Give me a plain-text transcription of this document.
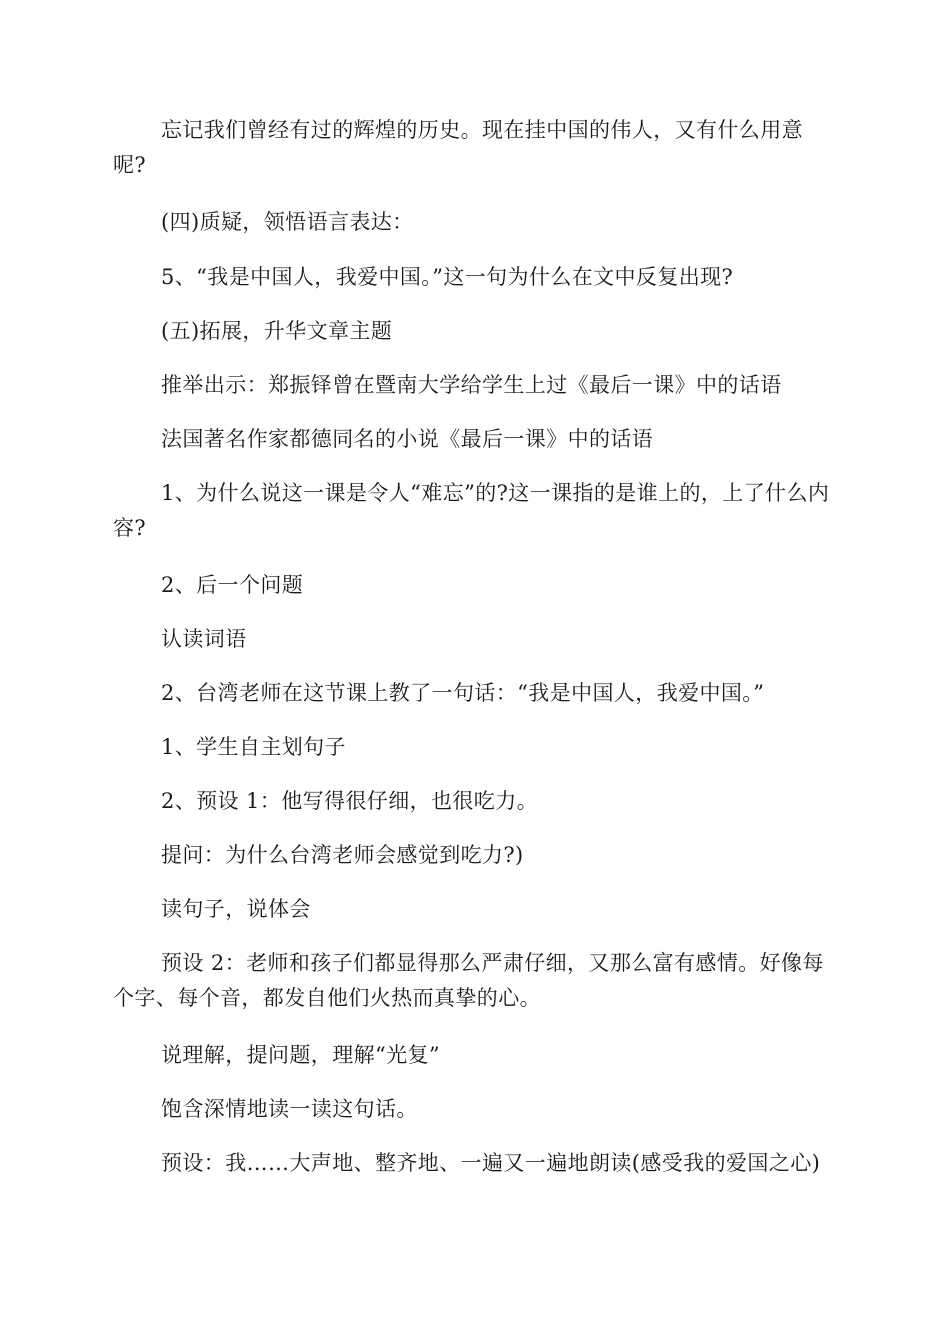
忘记我们曾经有过的辉煌的历史。现在挂中国的伟人，又有什么用意呢?

(四)质疑，领悟语言表达：

5、“我是中国人，我爱中国。”这一句为什么在文中反复出现?

(五)拓展，升华文章主题

推举出示：郑振铎曾在暨南大学给学生上过《最后一课》中的话语

法国著名作家都德同名的小说《最后一课》中的话语

1、为什么说这一课是令人“难忘”的?这一课指的是谁上的，上了什么内容?

2、后一个问题

认读词语

2、台湾老师在这节课上教了一句话：“我是中国人，我爱中国。”

1、学生自主划句子

2、预设 1：他写得很仔细，也很吃力。

提问：为什么台湾老师会感觉到吃力?)

读句子，说体会

预设 2：老师和孩子们都显得那么严肃仔细，又那么富有感情。好像每个字、每个音，都发自他们火热而真挚的心。

说理解，提问题，理解“光复”

饱含深情地读一读这句话。

预设：我……大声地、整齐地、一遍又一遍地朗读(感受我的爱国之心)
